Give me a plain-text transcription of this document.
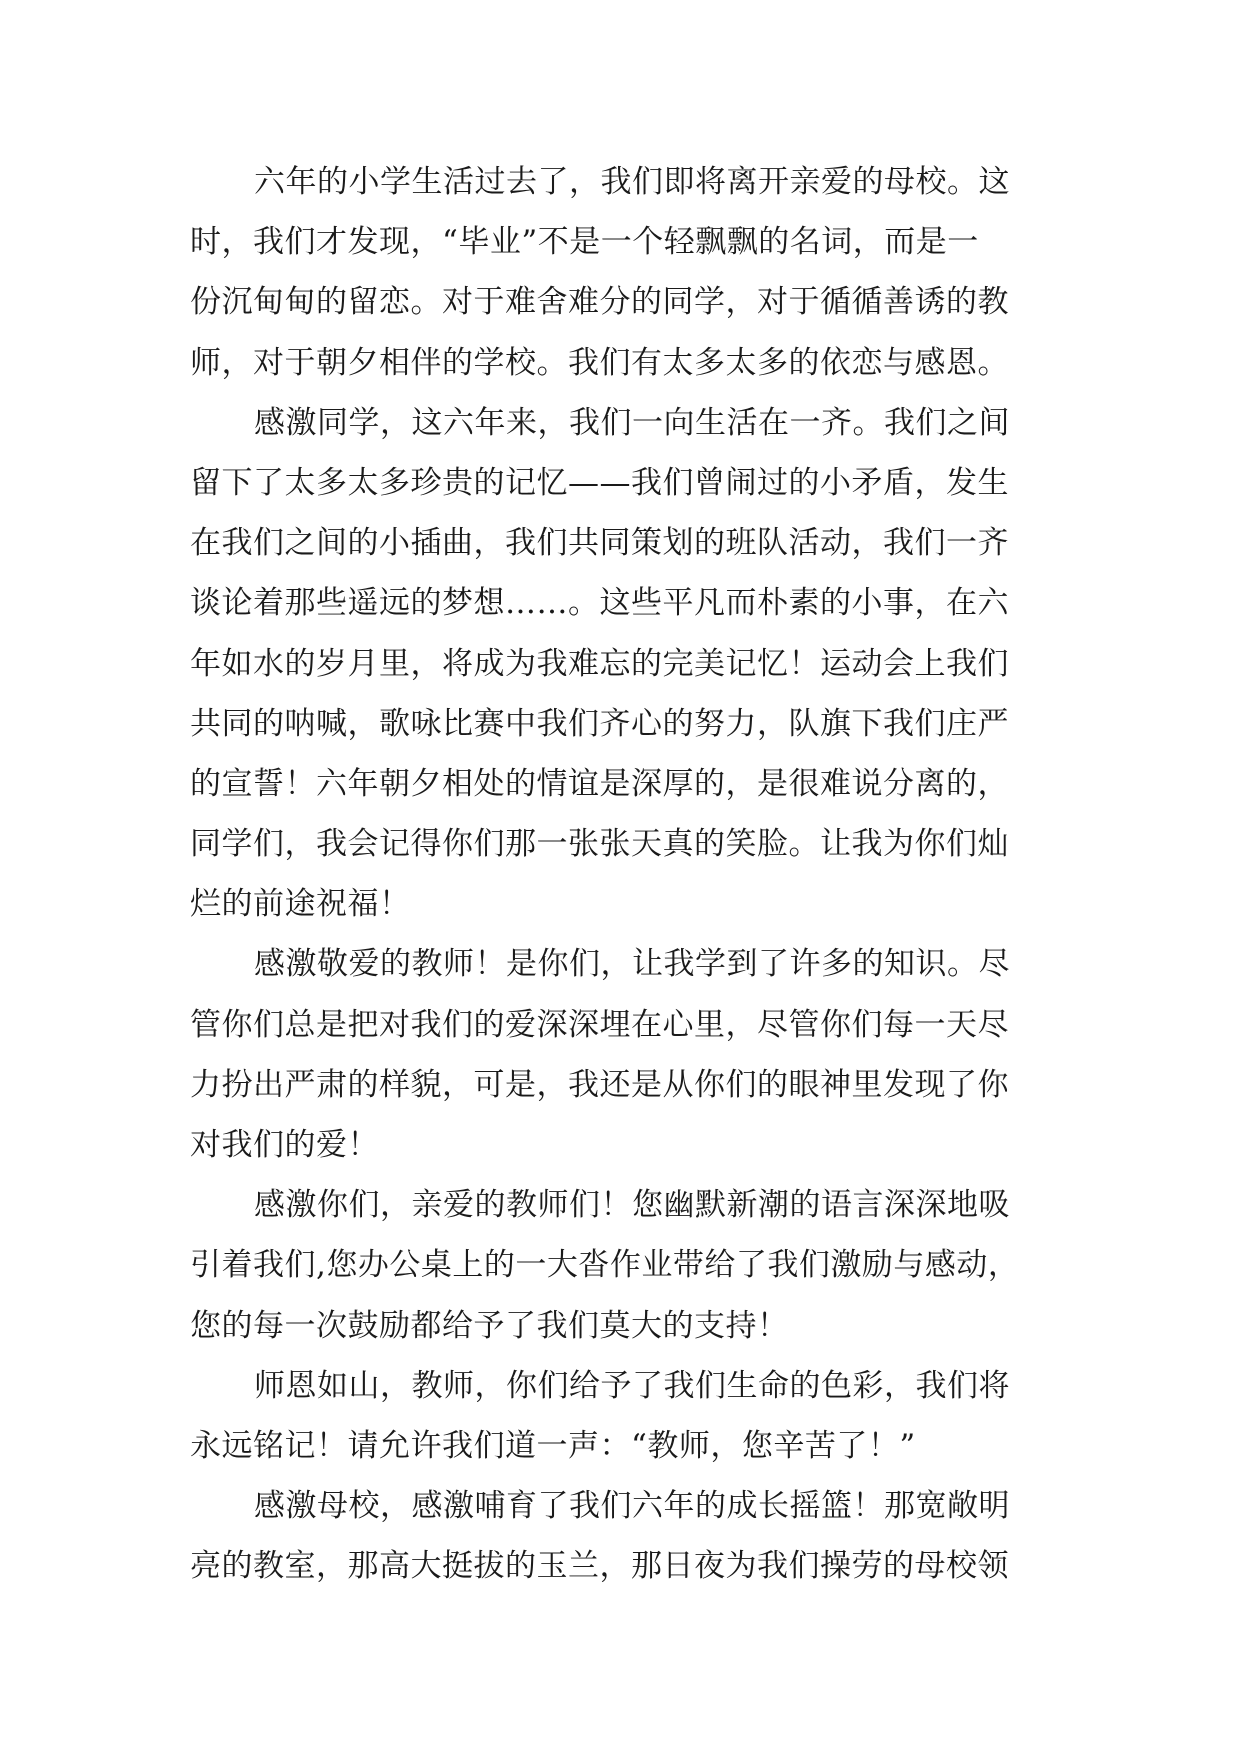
六年的小学生活过去了，我们即将离开亲爱的母校。这
时，我们才发现，“毕业”不是一个轻飘飘的名词，而是一
份沉甸甸的留恋。对于难舍难分的同学，对于循循善诱的教
师，对于朝夕相伴的学校。我们有太多太多的依恋与感恩。
感激同学，这六年来，我们一向生活在一齐。我们之间
留下了太多太多珍贵的记忆——我们曾闹过的小矛盾，发生
在我们之间的小插曲，我们共同策划的班队活动，我们一齐
谈论着那些遥远的梦想……。这些平凡而朴素的小事，在六
年如水的岁月里，将成为我难忘的完美记忆！运动会上我们
共同的呐喊，歌咏比赛中我们齐心的努力，队旗下我们庄严
的宣誓！六年朝夕相处的情谊是深厚的，是很难说分离的，
同学们，我会记得你们那一张张天真的笑脸。让我为你们灿
烂的前途祝福！
感激敬爱的教师！是你们，让我学到了许多的知识。尽
管你们总是把对我们的爱深深埋在心里，尽管你们每一天尽
力扮出严肃的样貌，可是，我还是从你们的眼神里发现了你
对我们的爱！
感激你们，亲爱的教师们！您幽默新潮的语言深深地吸
引着我们,您办公桌上的一大沓作业带给了我们激励与感动，
您的每一次鼓励都给予了我们莫大的支持！
师恩如山，教师，你们给予了我们生命的色彩，我们将
永远铭记！请允许我们道一声：“教师，您辛苦了！”
感激母校，感激哺育了我们六年的成长摇篮！那宽敞明
亮的教室，那高大挺拔的玉兰，那日夜为我们操劳的母校领
